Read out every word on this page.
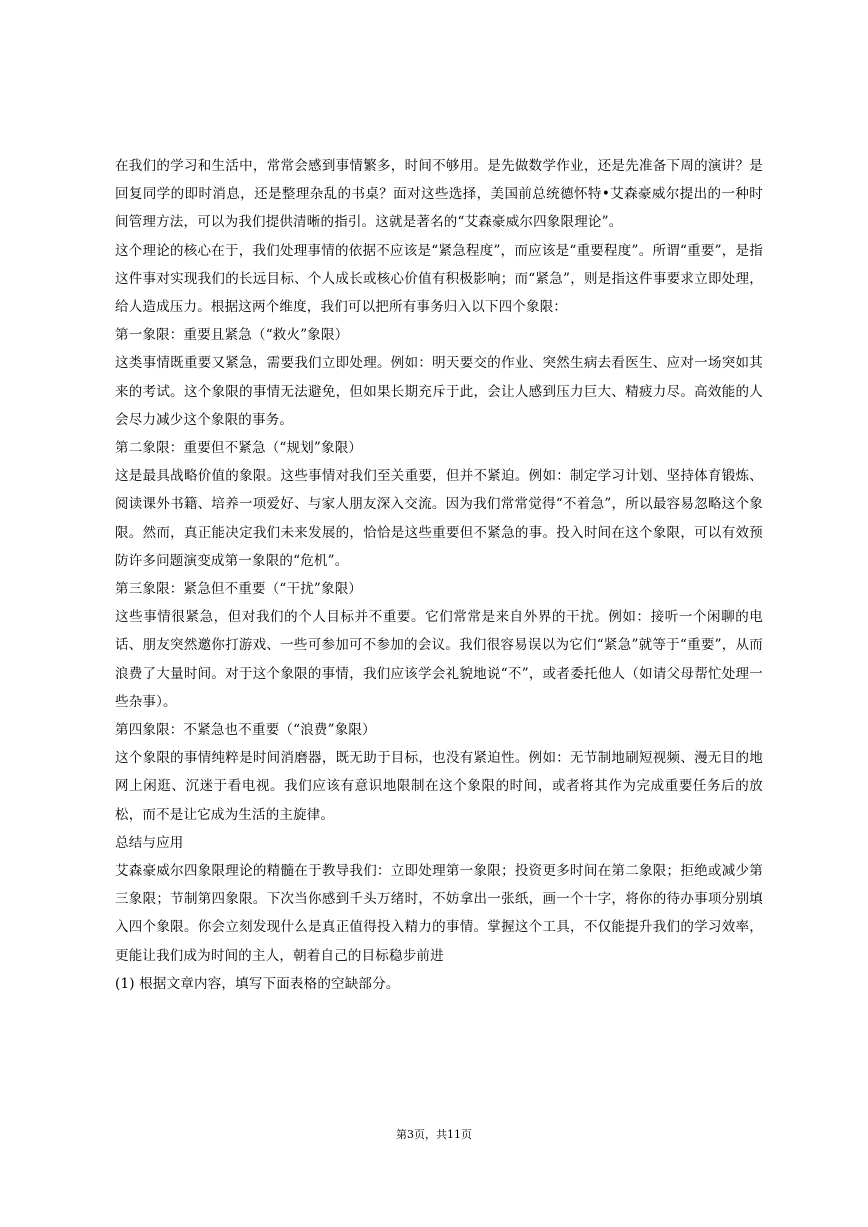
在我们的学习和生活中，常常会感到事情繁多，时间不够用。是先做数学作业，还是先准备下周的演讲？是回复同学的即时消息，还是整理杂乱的书桌？面对这些选择，美国前总统德怀特•艾森豪威尔提出的一种时间管理方法，可以为我们提供清晰的指引。这就是著名的“艾森豪威尔四象限理论”。

这个理论的核心在于，我们处理事情的依据不应该是“紧急程度”，而应该是“重要程度”。所谓“重要”，是指这件事对实现我们的长远目标、个人成长或核心价值有积极影响；而“紧急”，则是指这件事要求立即处理，给人造成压力。根据这两个维度，我们可以把所有事务归入以下四个象限：

第一象限：重要且紧急（“救火”象限）

这类事情既重要又紧急，需要我们立即处理。例如：明天要交的作业、突然生病去看医生、应对一场突如其来的考试。这个象限的事情无法避免，但如果长期充斥于此，会让人感到压力巨大、精疲力尽。高效能的人会尽力减少这个象限的事务。

第二象限：重要但不紧急（“规划”象限）

这是最具战略价值的象限。这些事情对我们至关重要，但并不紧迫。例如：制定学习计划、坚持体育锻炼、阅读课外书籍、培养一项爱好、与家人朋友深入交流。因为我们常常觉得“不着急”，所以最容易忽略这个象限。然而，真正能决定我们未来发展的，恰恰是这些重要但不紧急的事。投入时间在这个象限，可以有效预防许多问题演变成第一象限的“危机”。

第三象限：紧急但不重要（“干扰”象限）

这些事情很紧急，但对我们的个人目标并不重要。它们常常是来自外界的干扰。例如：接听一个闲聊的电话、朋友突然邀你打游戏、一些可参加可不参加的会议。我们很容易误以为它们“紧急”就等于“重要”，从而浪费了大量时间。对于这个象限的事情，我们应该学会礼貌地说“不”，或者委托他人（如请父母帮忙处理一些杂事）。

第四象限：不紧急也不重要（“浪费”象限）

这个象限的事情纯粹是时间消磨器，既无助于目标，也没有紧迫性。例如：无节制地刷短视频、漫无目的地网上闲逛、沉迷于看电视。我们应该有意识地限制在这个象限的时间，或者将其作为完成重要任务后的放松，而不是让它成为生活的主旋律。

总结与应用

艾森豪威尔四象限理论的精髓在于教导我们：立即处理第一象限；投资更多时间在第二象限；拒绝或减少第三象限；节制第四象限。下次当你感到千头万绪时，不妨拿出一张纸，画一个十字，将你的待办事项分别填入四个象限。你会立刻发现什么是真正值得投入精力的事情。掌握这个工具，不仅能提升我们的学习效率，更能让我们成为时间的主人，朝着自己的目标稳步前进

(1) 根据文章内容，填写下面表格的空缺部分。

第3页，共11页
